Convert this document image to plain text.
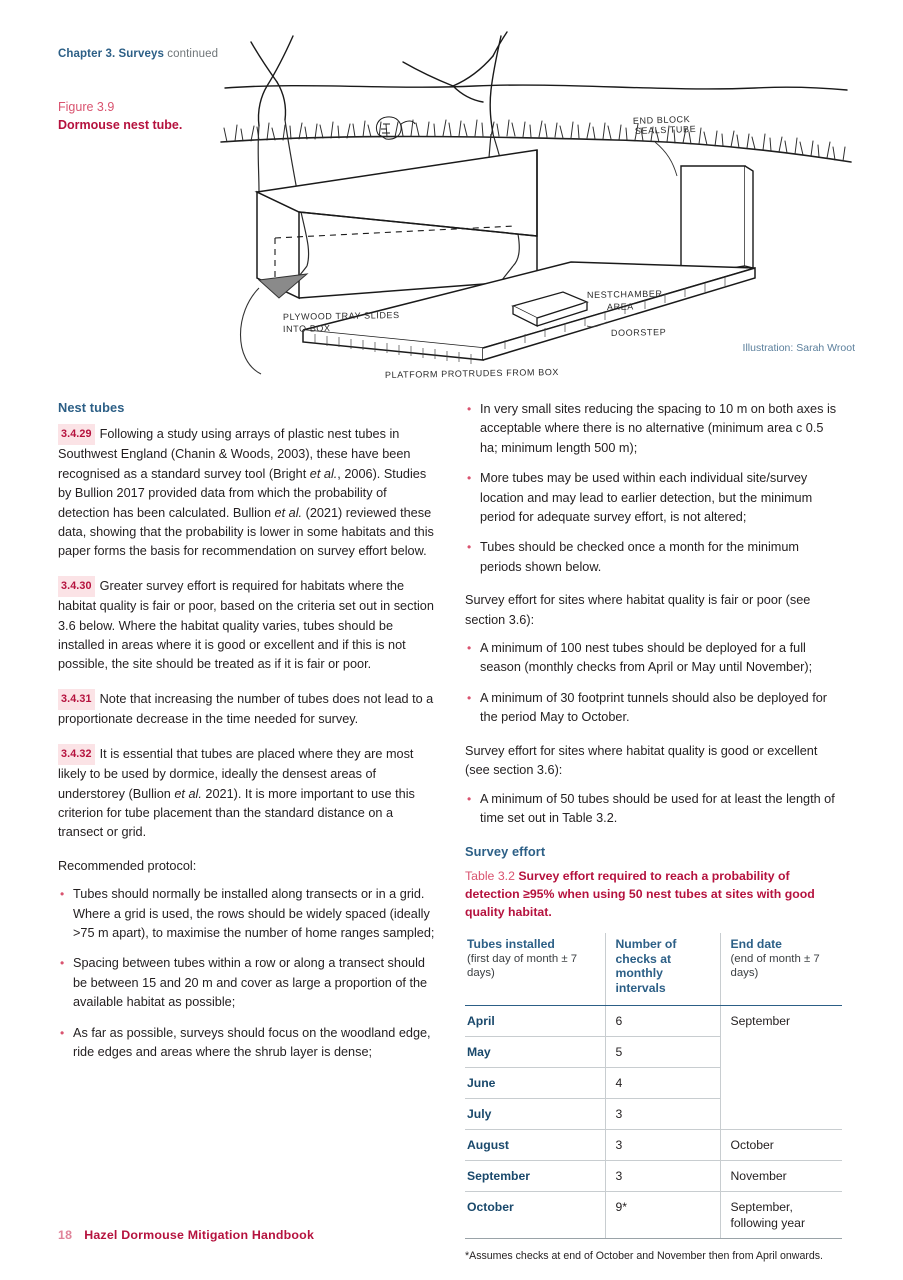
Chapter 3. Surveys continued
Figure 3.9
Dormouse nest tube.	END BLOCK
SEALS TUBE
NESTCHAMBER
AREA
DOORSTEP
PLYWOOD TRAY SLIDES
INTO BOX
PLATFORM PROTRUDES FROM BOX
Illustration: Sarah Wroot
Nest tubes

3.4.29 Following a study using arrays of plastic nest tubes in Southwest England (Chanin & Woods, 2003), these have been recognised as a standard survey tool (Bright et al., 2006). Studies by Bullion 2017 provided data from which the probability of detection has been calculated. Bullion et al. (2021) reviewed these data, showing that the probability is lower in some habitats and this paper forms the basis for recommendation on survey effort below.

3.4.30 Greater survey effort is required for habitats where the habitat quality is fair or poor, based on the criteria set out in section 3.6 below. Where the habitat quality varies, tubes should be installed in areas where it is good or excellent and if this is not possible, the site should be treated as if it is fair or poor.

3.4.31 Note that increasing the number of tubes does not lead to a proportionate decrease in the time needed for survey.

3.4.32 It is essential that tubes are placed where they are most likely to be used by dormice, ideally the densest areas of understorey (Bullion et al. 2021). It is more important to use this criterion for tube placement than the standard distance on a transect or grid.

Recommended protocol:

• Tubes should normally be installed along transects or in a grid. Where a grid is used, the rows should be widely spaced (ideally >75 m apart), to maximise the number of home ranges sampled;
• Spacing between tubes within a row or along a transect should be between 15 and 20 m and cover as large a proportion of the available habitat as possible;
• As far as possible, surveys should focus on the woodland edge, ride edges and areas where the shrub layer is dense;
• In very small sites reducing the spacing to 10 m on both axes is acceptable where there is no alternative (minimum area c 0.5 ha; minimum length 500 m);
• More tubes may be used within each individual site/survey location and may lead to earlier detection, but the minimum period for adequate survey effort, is not altered;
• Tubes should be checked once a month for the minimum periods shown below.

Survey effort for sites where habitat quality is fair or poor (see section 3.6):

• A minimum of 100 nest tubes should be deployed for a full season (monthly checks from April or May until November);
• A minimum of 30 footprint tunnels should also be deployed for the period May to October.

Survey effort for sites where habitat quality is good or excellent (see section 3.6):

• A minimum of 50 tubes should be used for at least the length of time set out in Table 3.2.
Survey effort

Table 3.2 Survey effort required to reach a probability of detection ≥95% when using 50 nest tubes at sites with good quality habitat.

Tubes installed
(first day of month ± 7 days)	Number of checks at monthly intervals	End date
(end of month ± 7 days)

April	6	September
May	5	
June	4	
July	3	
August	3	October
September	3	November
October	9*	September, following year
*Assumes checks at end of October and November then from April onwards.
18 Hazel Dormouse Mitigation Handbook
